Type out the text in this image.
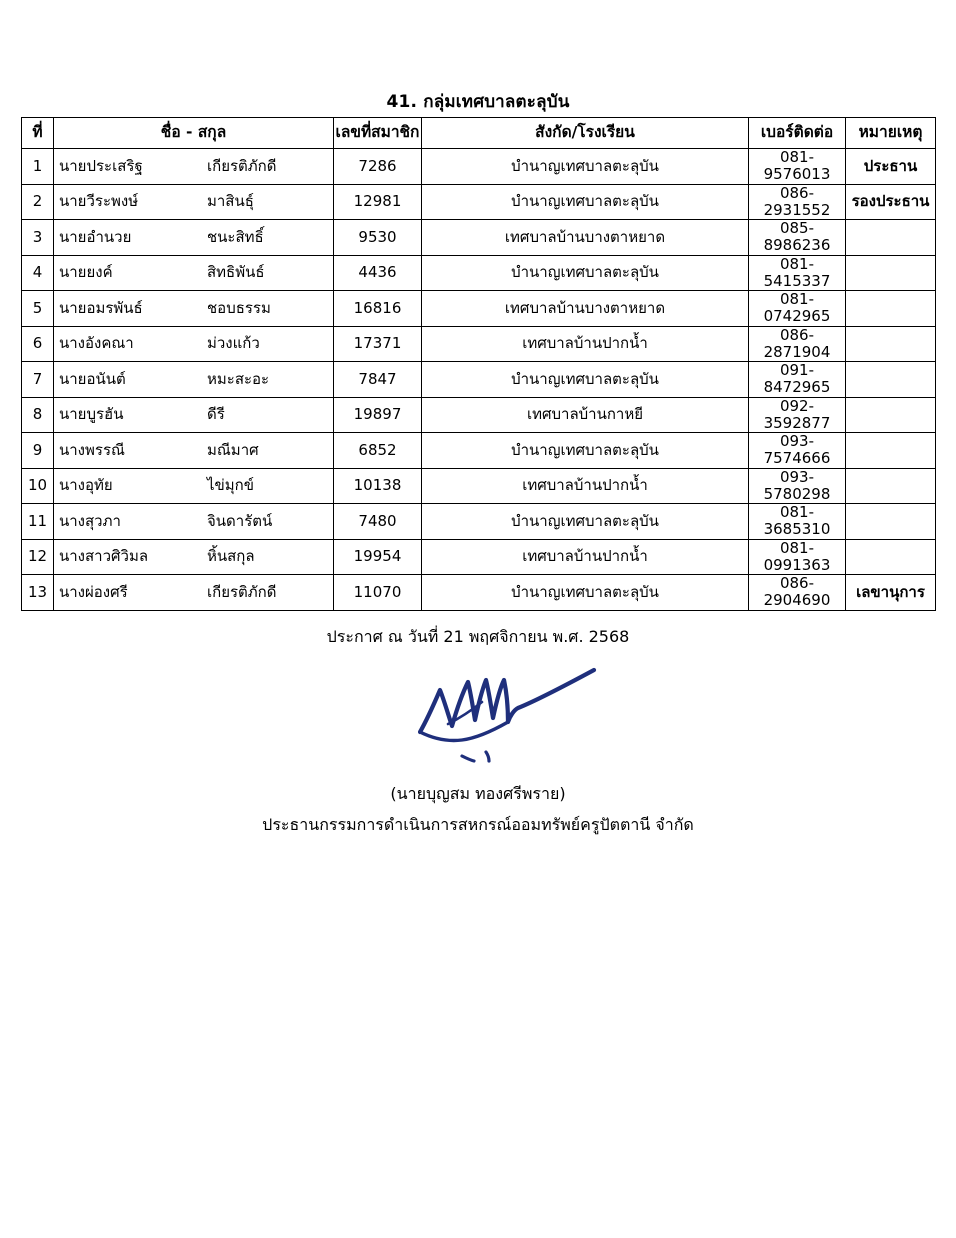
41. กลุ่มเทศบาลตะลุบัน
ที่	ชื่อ - สกุล	เลขที่สมาชิก	สังกัด/โรงเรียน	เบอร์ติดต่อ	หมายเหตุ
1	นายประเสริฐ เกียรติภักดี	7286	บำนาญเทศบาลตะลุบัน	081-9576013	ประธาน
2	นายวีระพงษ์ มาสินธุ์	12981	บำนาญเทศบาลตะลุบัน	086-2931552	รองประธาน
3	นายอำนวย ชนะสิทธิ์	9530	เทศบาลบ้านบางตาหยาด	085-8986236	
4	นายยงค์ สิทธิพันธ์	4436	บำนาญเทศบาลตะลุบัน	081-5415337	
5	นายอมรพันธ์ ชอบธรรม	16816	เทศบาลบ้านบางตาหยาด	081-0742965	
6	นางอังคณา ม่วงแก้ว	17371	เทศบาลบ้านปากน้ำ	086-2871904	
7	นายอนันต์ หมะสะอะ	7847	บำนาญเทศบาลตะลุบัน	091-8472965	
8	นายบูรฮัน ดีรี	19897	เทศบาลบ้านกาหยี	092-3592877	
9	นางพรรณี มณีมาศ	6852	บำนาญเทศบาลตะลุบัน	093-7574666	
10	นางอุทัย ไข่มุกข์	10138	เทศบาลบ้านปากน้ำ	093-5780298	
11	นางสุวภา จินดารัตน์	7480	บำนาญเทศบาลตะลุบัน	081-3685310	
12	นางสาวศิวิมล หิ้นสกุล	19954	เทศบาลบ้านปากน้ำ	081-0991363	
13	นางผ่องศรี เกียรติภักดี	11070	บำนาญเทศบาลตะลุบัน	086-2904690	เลขานุการ
ประกาศ ณ วันที่ 21 พฤศจิกายน พ.ศ. 2568
(นายบุญสม ทองศรีพราย)
ประธานกรรมการดำเนินการสหกรณ์ออมทรัพย์ครูปัตตานี จำกัด
